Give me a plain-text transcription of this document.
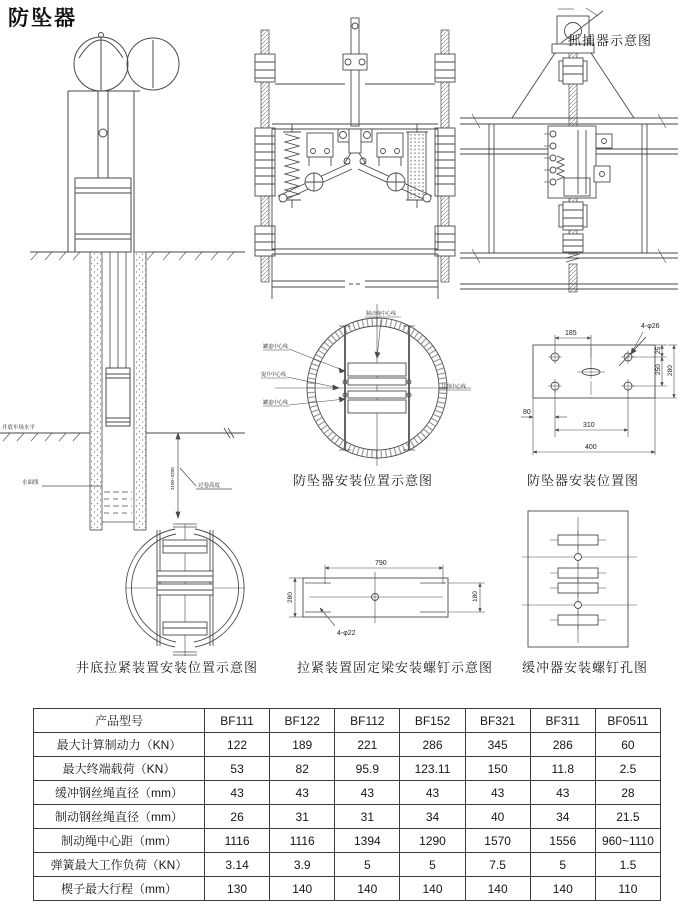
防坠器
井底车场水平
水面线	过卷高度
3100~3200
抓捕器示意图
制动绳中心线
罐道中心线
提升中心线
罐道中心线
井筒中心线
防坠器安装位置示意图
185
4-φ26
25
250 280
80
310
400
防坠器安装位置图
井底拉紧装置安装位置示意图
790
280	180
4-φ22
拉紧装置固定梁安装螺钉示意图 缓冲器安装螺钉孔图
产品型号	BF111	BF122	BF112	BF152	BF321	BF311	BF0511
最大计算制动力（KN）	122	189	221	286	345	286	60
最大终端载荷（KN）	53	82	95.9	123.11	150	11.8	2.5
缓冲钢丝绳直径（mm）	43	43	43	43	43	43	28
制动钢丝绳直径（mm）	26	31	31	34	40	34	21.5
制动绳中心距（mm）	1116	1116	1394	1290	1570	1556	960~1110
弹簧最大工作负荷（KN）	3.14	3.9	5	5	7.5	5	1.5
楔子最大行程（mm）	130	140	140	140	140	140	110
